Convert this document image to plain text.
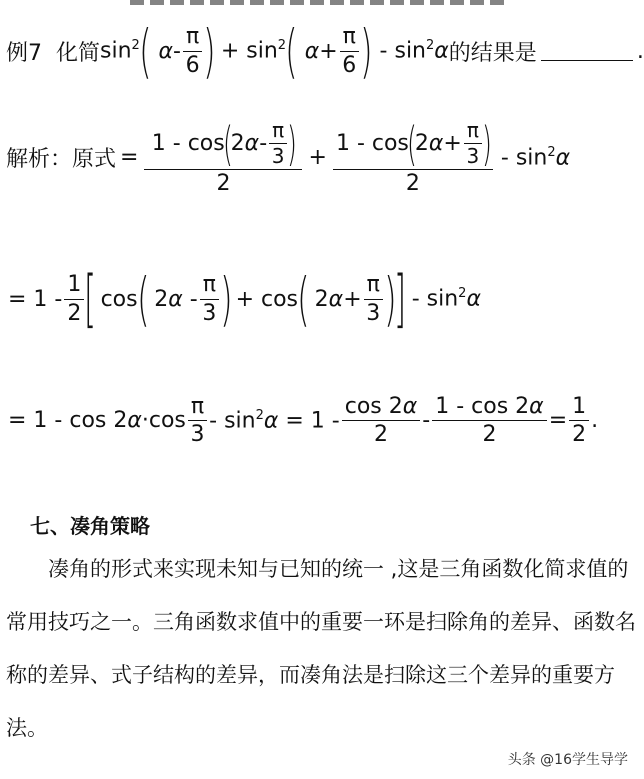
例7 化简 $\sin^2$ ( α - $\frac{\pi}{6}$ ) + $\sin^2$ ( $\alpha + \frac{\pi}{6}$ ) - $\sin^2\alpha$ 的结果是	.
解析：原式 = 1 - cos
(
2 α - $\frac{\pi}{3}$ )
2 + 1 - cos
(
2 $\alpha + \frac{\pi}{3}$ )
$2 - \sin^2\alpha$
= $1 - \frac{1}{2}$ [ cos ( $2\alpha - \frac{\pi}{3}$ ) + cos ( $2\alpha+ \frac{\pi}{3}$ )
] - $\sin^2\alpha$
= $1 - \cos 2\alpha\cdot\cos \frac{\pi}{3} - \sin^2\alpha = 1 - \frac{\cos 2\alpha}{2} - \frac{1 - \cos 2\alpha}{2} = \frac{1}{2}$ .
七、凑角策略
凑角的形式来实现未知与已知的统一 ,这是三角函数化简求值的常用技巧之一。三角函数求值中的重要一环是扫除角的差异、函数名称的差异、式子结构的差异，而凑角法是扫除这三个差异的重要方法。
头条 @16学生导学
